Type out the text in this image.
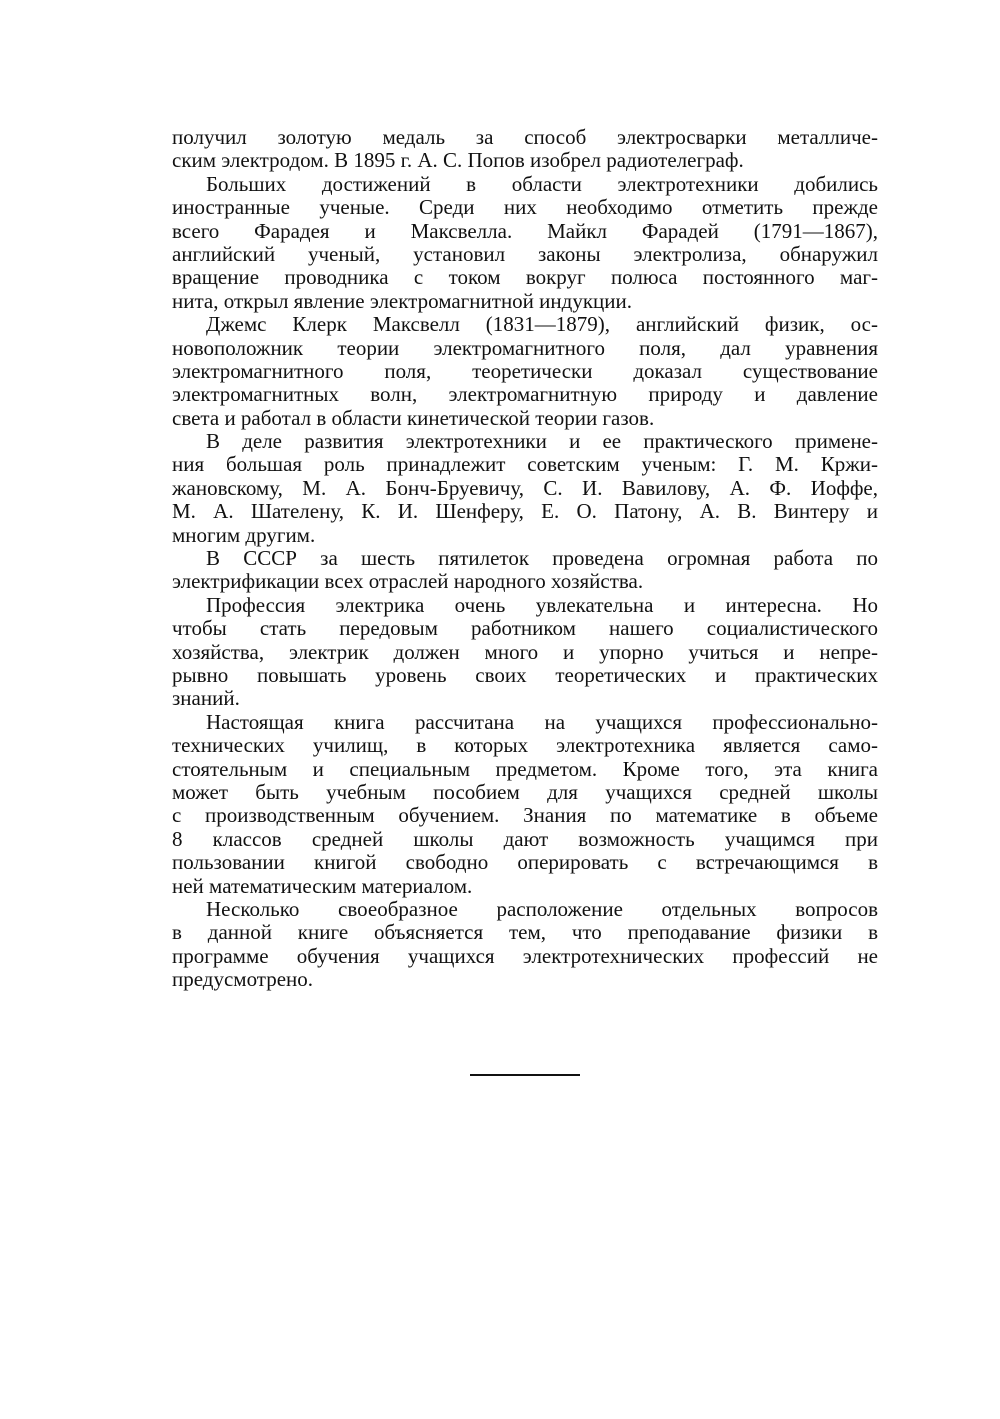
получил золотую медаль за способ электросварки металличе-
ским электродом. В 1895 г. А. С. Попов изобрел радиотелеграф.
Больших достижений в области электротехники добились
иностранные ученые. Среди них необходимо отметить прежде
всего Фарадея и Максвелла. Майкл Фарадей (1791—1867),
английский ученый, установил законы электролиза, обнаружил
вращение проводника с током вокруг полюса постоянного маг-
нита, открыл явление электромагнитной индукции.
Джемс Клерк Максвелл (1831—1879), английский физик, ос-
новоположник теории электромагнитного поля, дал уравнения
электромагнитного поля, теоретически доказал существование
электромагнитных волн, электромагнитную природу и давление
света и работал в области кинетической теории газов.
В деле развития электротехники и ее практического примене-
ния большая роль принадлежит советским ученым: Г. М. Кржи-
жановскому, М. А. Бонч-Бруевичу, С. И. Вавилову, А. Ф. Иоффе,
М. А. Шателену, К. И. Шенферу, Е. О. Патону, А. В. Винтеру и
многим другим.
В СССР за шесть пятилеток проведена огромная работа по
электрификации всех отраслей народного хозяйства.
Профессия электрика очень увлекательна и интересна. Но
чтобы стать передовым работником нашего социалистического
хозяйства, электрик должен много и упорно учиться и непре-
рывно повышать уровень своих теоретических и практических
знаний.
Настоящая книга рассчитана на учащихся профессионально-
технических училищ, в которых электротехника является само-
стоятельным и специальным предметом. Кроме того, эта книга
может быть учебным пособием для учащихся средней школы
с производственным обучением. Знания по математике в объеме
8 классов средней школы дают возможность учащимся при
пользовании книгой свободно оперировать с встречающимся в
ней математическим материалом.
Несколько своеобразное расположение отдельных вопросов
в данной книге объясняется тем, что преподавание физики в
программе обучения учащихся электротехнических профессий не
предусмотрено.
